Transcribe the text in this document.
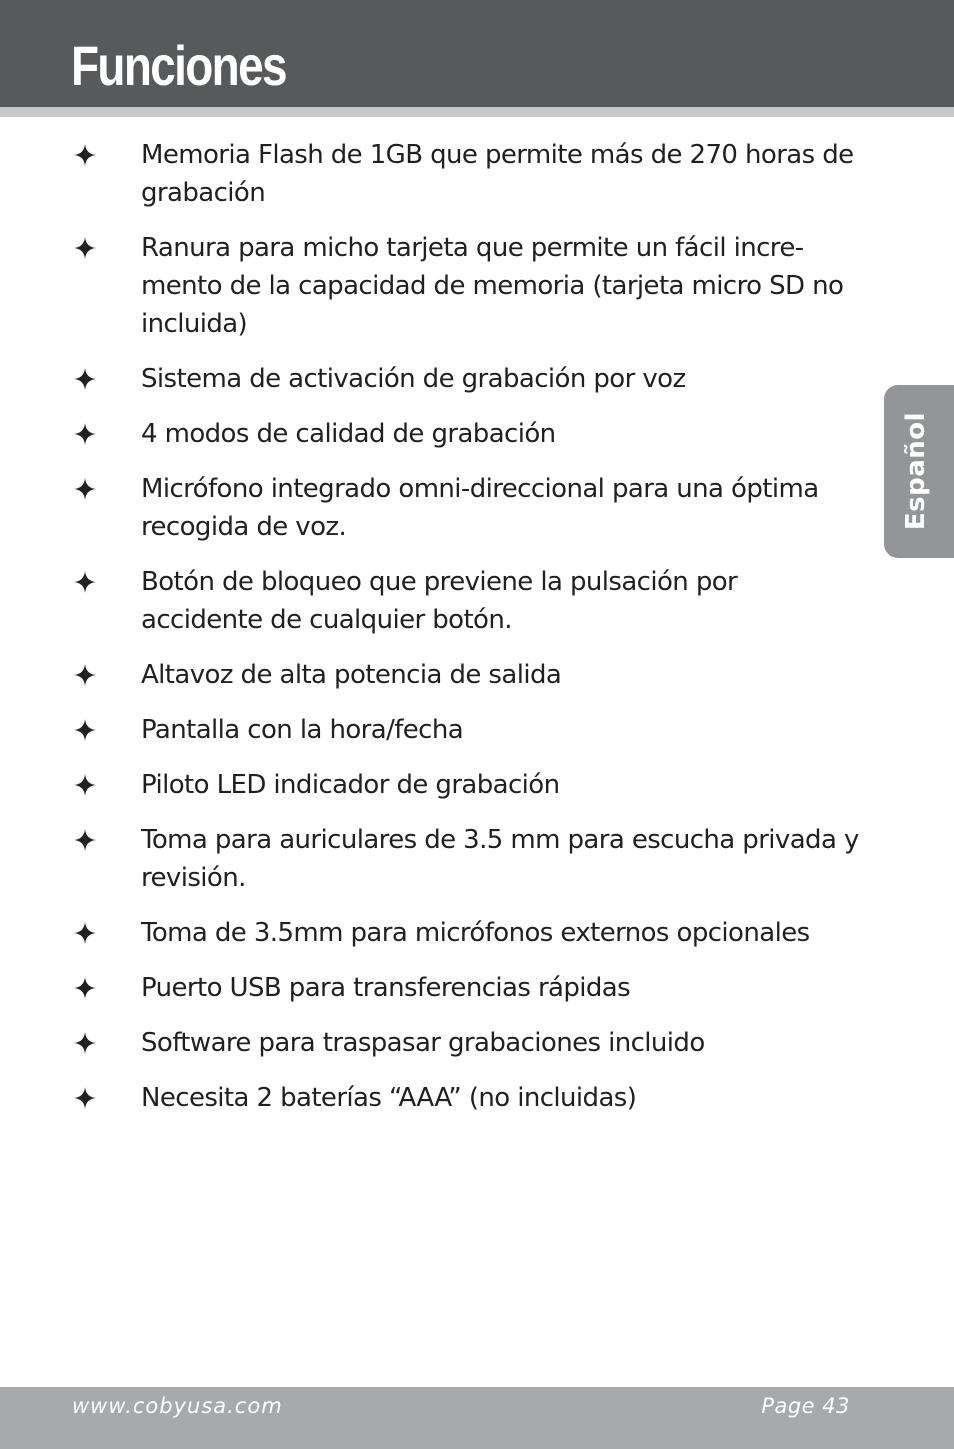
Funciones
Memoria Flash de 1GB que permite más de 270 horas de grabación
Ranura para micho tarjeta que permite un fácil incre-mento de la capacidad de memoria (tarjeta micro SD no incluida)
Sistema de activación de grabación por voz
4 modos de calidad de grabación
Micrófono integrado omni-direccional para una óptima recogida de voz.
Botón de bloqueo que previene la pulsación por accidente de cualquier botón.
Altavoz de alta potencia de salida
Pantalla con la hora/fecha
Piloto LED indicador de grabación
Toma para auriculares de 3.5 mm para escucha privada y revisión.
Toma de 3.5mm para micrófonos externos opcionales
Puerto USB para transferencias rápidas
Software para traspasar grabaciones incluido
Necesita 2 baterías “AAA” (no incluidas)
Español
www.cobyusa.com	Page 43
